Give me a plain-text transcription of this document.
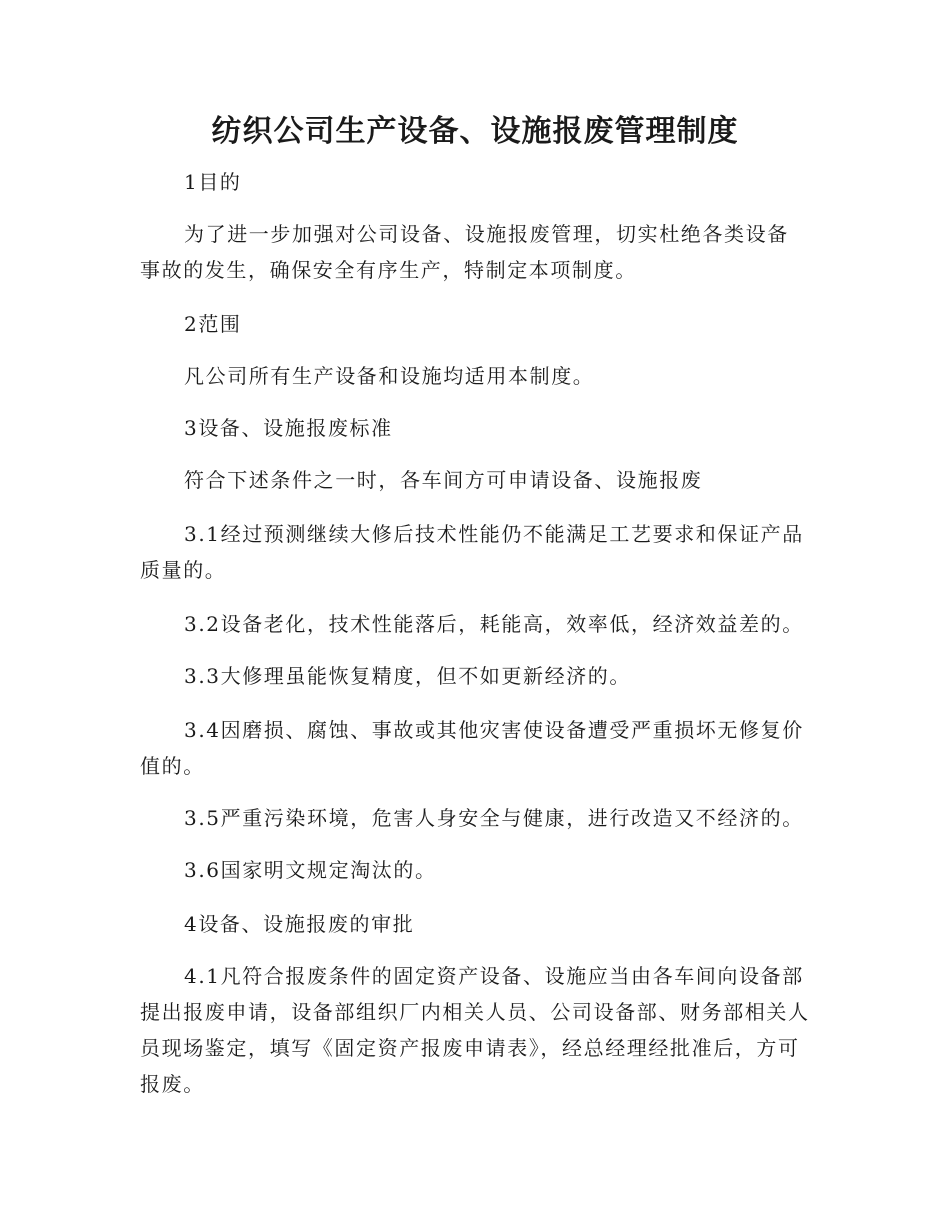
纺织公司生产设备、设施报废管理制度

1目的

为了进一步加强对公司设备、设施报废管理，切实杜绝各类设备事故的发生，确保安全有序生产，特制定本项制度。

2范围

凡公司所有生产设备和设施均适用本制度。

3设备、设施报废标准

符合下述条件之一时，各车间方可申请设备、设施报废

3.1经过预测继续大修后技术性能仍不能满足工艺要求和保证产品质量的。

3.2设备老化，技术性能落后，耗能高，效率低，经济效益差的。

3.3大修理虽能恢复精度，但不如更新经济的。

3.4因磨损、腐蚀、事故或其他灾害使设备遭受严重损坏无修复价值的。

3.5严重污染环境，危害人身安全与健康，进行改造又不经济的。

3.6国家明文规定淘汰的。

4设备、设施报废的审批

4.1凡符合报废条件的固定资产设备、设施应当由各车间向设备部提出报废申请，设备部组织厂内相关人员、公司设备部、财务部相关人员现场鉴定，填写《固定资产报废申请表》，经总经理经批准后，方可报废。
